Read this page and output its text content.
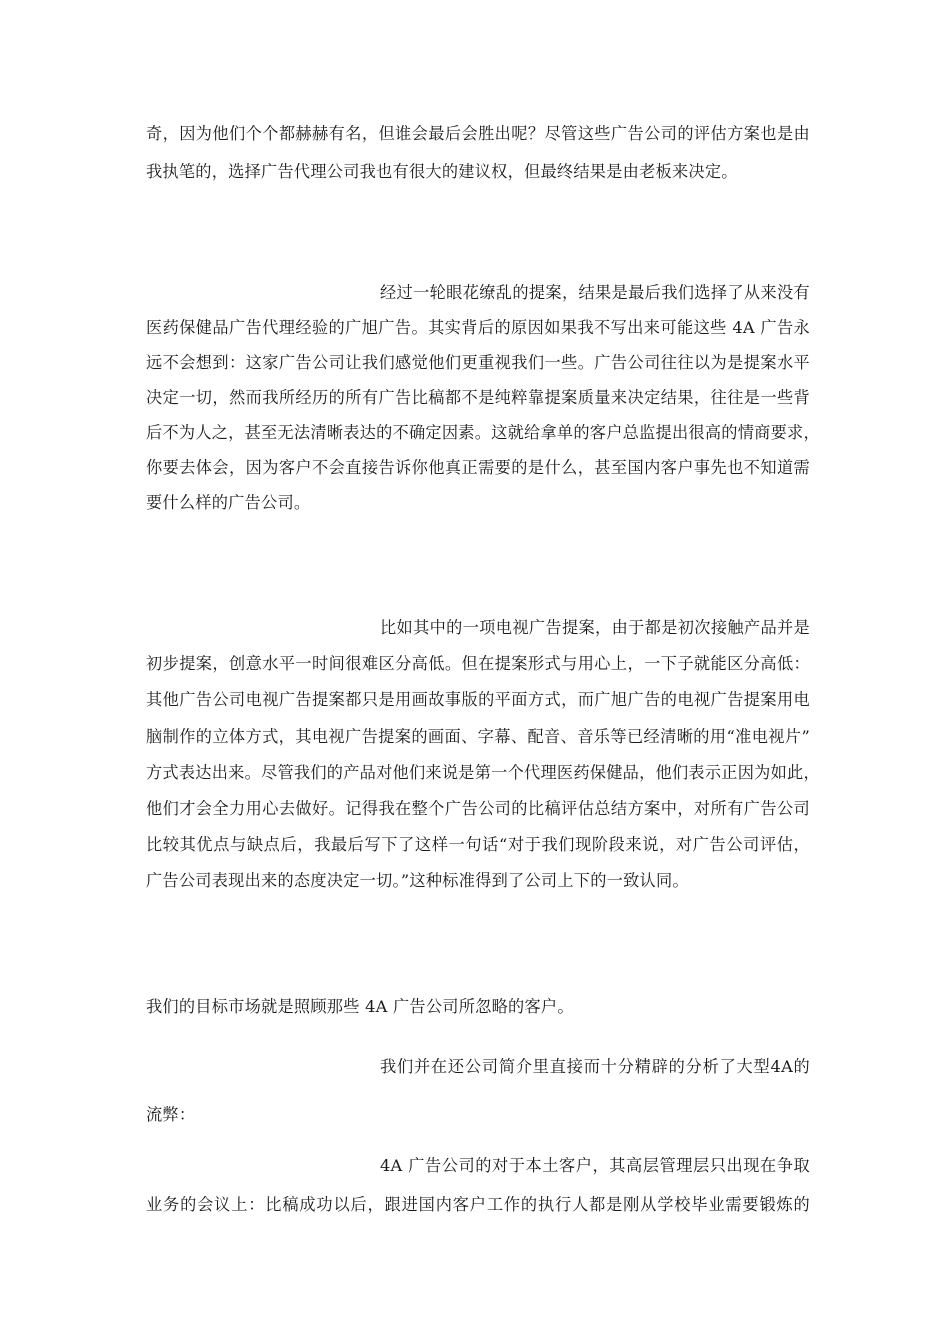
奇，因为他们个个都赫赫有名，但谁会最后会胜出呢？尽管这些广告公司的评估方案也是由
我执笔的，选择广告代理公司我也有很大的建议权，但最终结果是由老板来决定。
经过一轮眼花缭乱的提案，结果是最后我们选择了从来没有
医药保健品广告代理经验的广旭广告。其实背后的原因如果我不写出来可能这些 4A 广告永
远不会想到：这家广告公司让我们感觉他们更重视我们一些。广告公司往往以为是提案水平
决定一切，然而我所经历的所有广告比稿都不是纯粹靠提案质量来决定结果，往往是一些背
后不为人之，甚至无法清晰表达的不确定因素。这就给拿单的客户总监提出很高的情商要求，
你要去体会，因为客户不会直接告诉你他真正需要的是什么，甚至国内客户事先也不知道需
要什么样的广告公司。
比如其中的一项电视广告提案，由于都是初次接触产品并是
初步提案，创意水平一时间很难区分高低。但在提案形式与用心上，一下子就能区分高低：
其他广告公司电视广告提案都只是用画故事版的平面方式，而广旭广告的电视广告提案用电
脑制作的立体方式，其电视广告提案的画面、字幕、配音、音乐等已经清晰的用“准电视片”
方式表达出来。尽管我们的产品对他们来说是第一个代理医药保健品，他们表示正因为如此，
他们才会全力用心去做好。记得我在整个广告公司的比稿评估总结方案中，对所有广告公司
比较其优点与缺点后，我最后写下了这样一句话“对于我们现阶段来说，对广告公司评估，
广告公司表现出来的态度决定一切。”这种标准得到了公司上下的一致认同。
我们的目标市场就是照顾那些 4A 广告公司所忽略的客户。
我们并在还公司简介里直接而十分精辟的分析了大型4A的
流弊：
4A 广告公司的对于本土客户，其高层管理层只出现在争取
业务的会议上：比稿成功以后，跟进国内客户工作的执行人都是刚从学校毕业需要锻炼的
